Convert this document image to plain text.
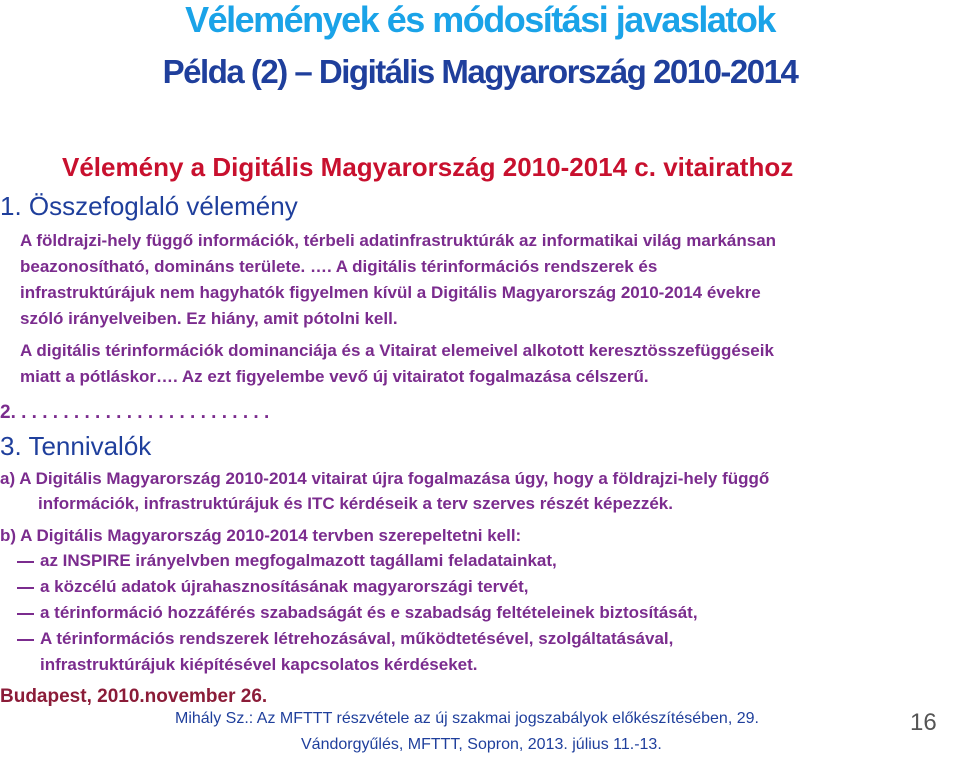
Vélemények és módosítási javaslatok
Példa (2) – Digitális Magyarország 2010-2014
Vélemény a Digitális Magyarország 2010-2014 c. vitairathoz
1. Összefoglaló vélemény
A földrajzi-hely függő információk, térbeli adatinfrastruktúrák az informatikai világ markánsan
beazonosítható, domináns területe. …. A digitális térinformációs rendszerek és
infrastruktúrájuk nem hagyhatók figyelmen kívül a Digitális Magyarország 2010-2014 évekre
szóló irányelveiben. Ez hiány, amit pótolni kell.
A digitális térinformációk dominanciája és a Vitairat elemeivel alkotott keresztösszefüggéseik
miatt a pótláskor…. Az ezt figyelembe vevő új vitairatot fogalmazása célszerű.
2. . . . . . . . . . . . . . . . . . . . . . . . .
3. Tennivalók
a) A Digitális Magyarország 2010-2014 vitairat újra fogalmazása úgy, hogy a földrajzi-hely függő
információk, infrastruktúrájuk és ITC kérdéseik a terv szerves részét képezzék.
b) A Digitális Magyarország 2010-2014 tervben szerepeltetni kell:
az INSPIRE irányelvben megfogalmazott tagállami feladatainkat,
a közcélú adatok újrahasznosításának magyarországi tervét,
a térinformáció hozzáférés szabadságát és e szabadság feltételeinek biztosítását,
A térinformációs rendszerek létrehozásával, működtetésével, szolgáltatásával,
infrastruktúrájuk kiépítésével kapcsolatos kérdéseket.
Budapest, 2010.november 26.
Mihály Sz.: Az MFTTT részvétele az új szakmai jogszabályok előkészítésében, 29.
Vándorgyűlés, MFTTT, Sopron, 2013. július 11.-13.
16
